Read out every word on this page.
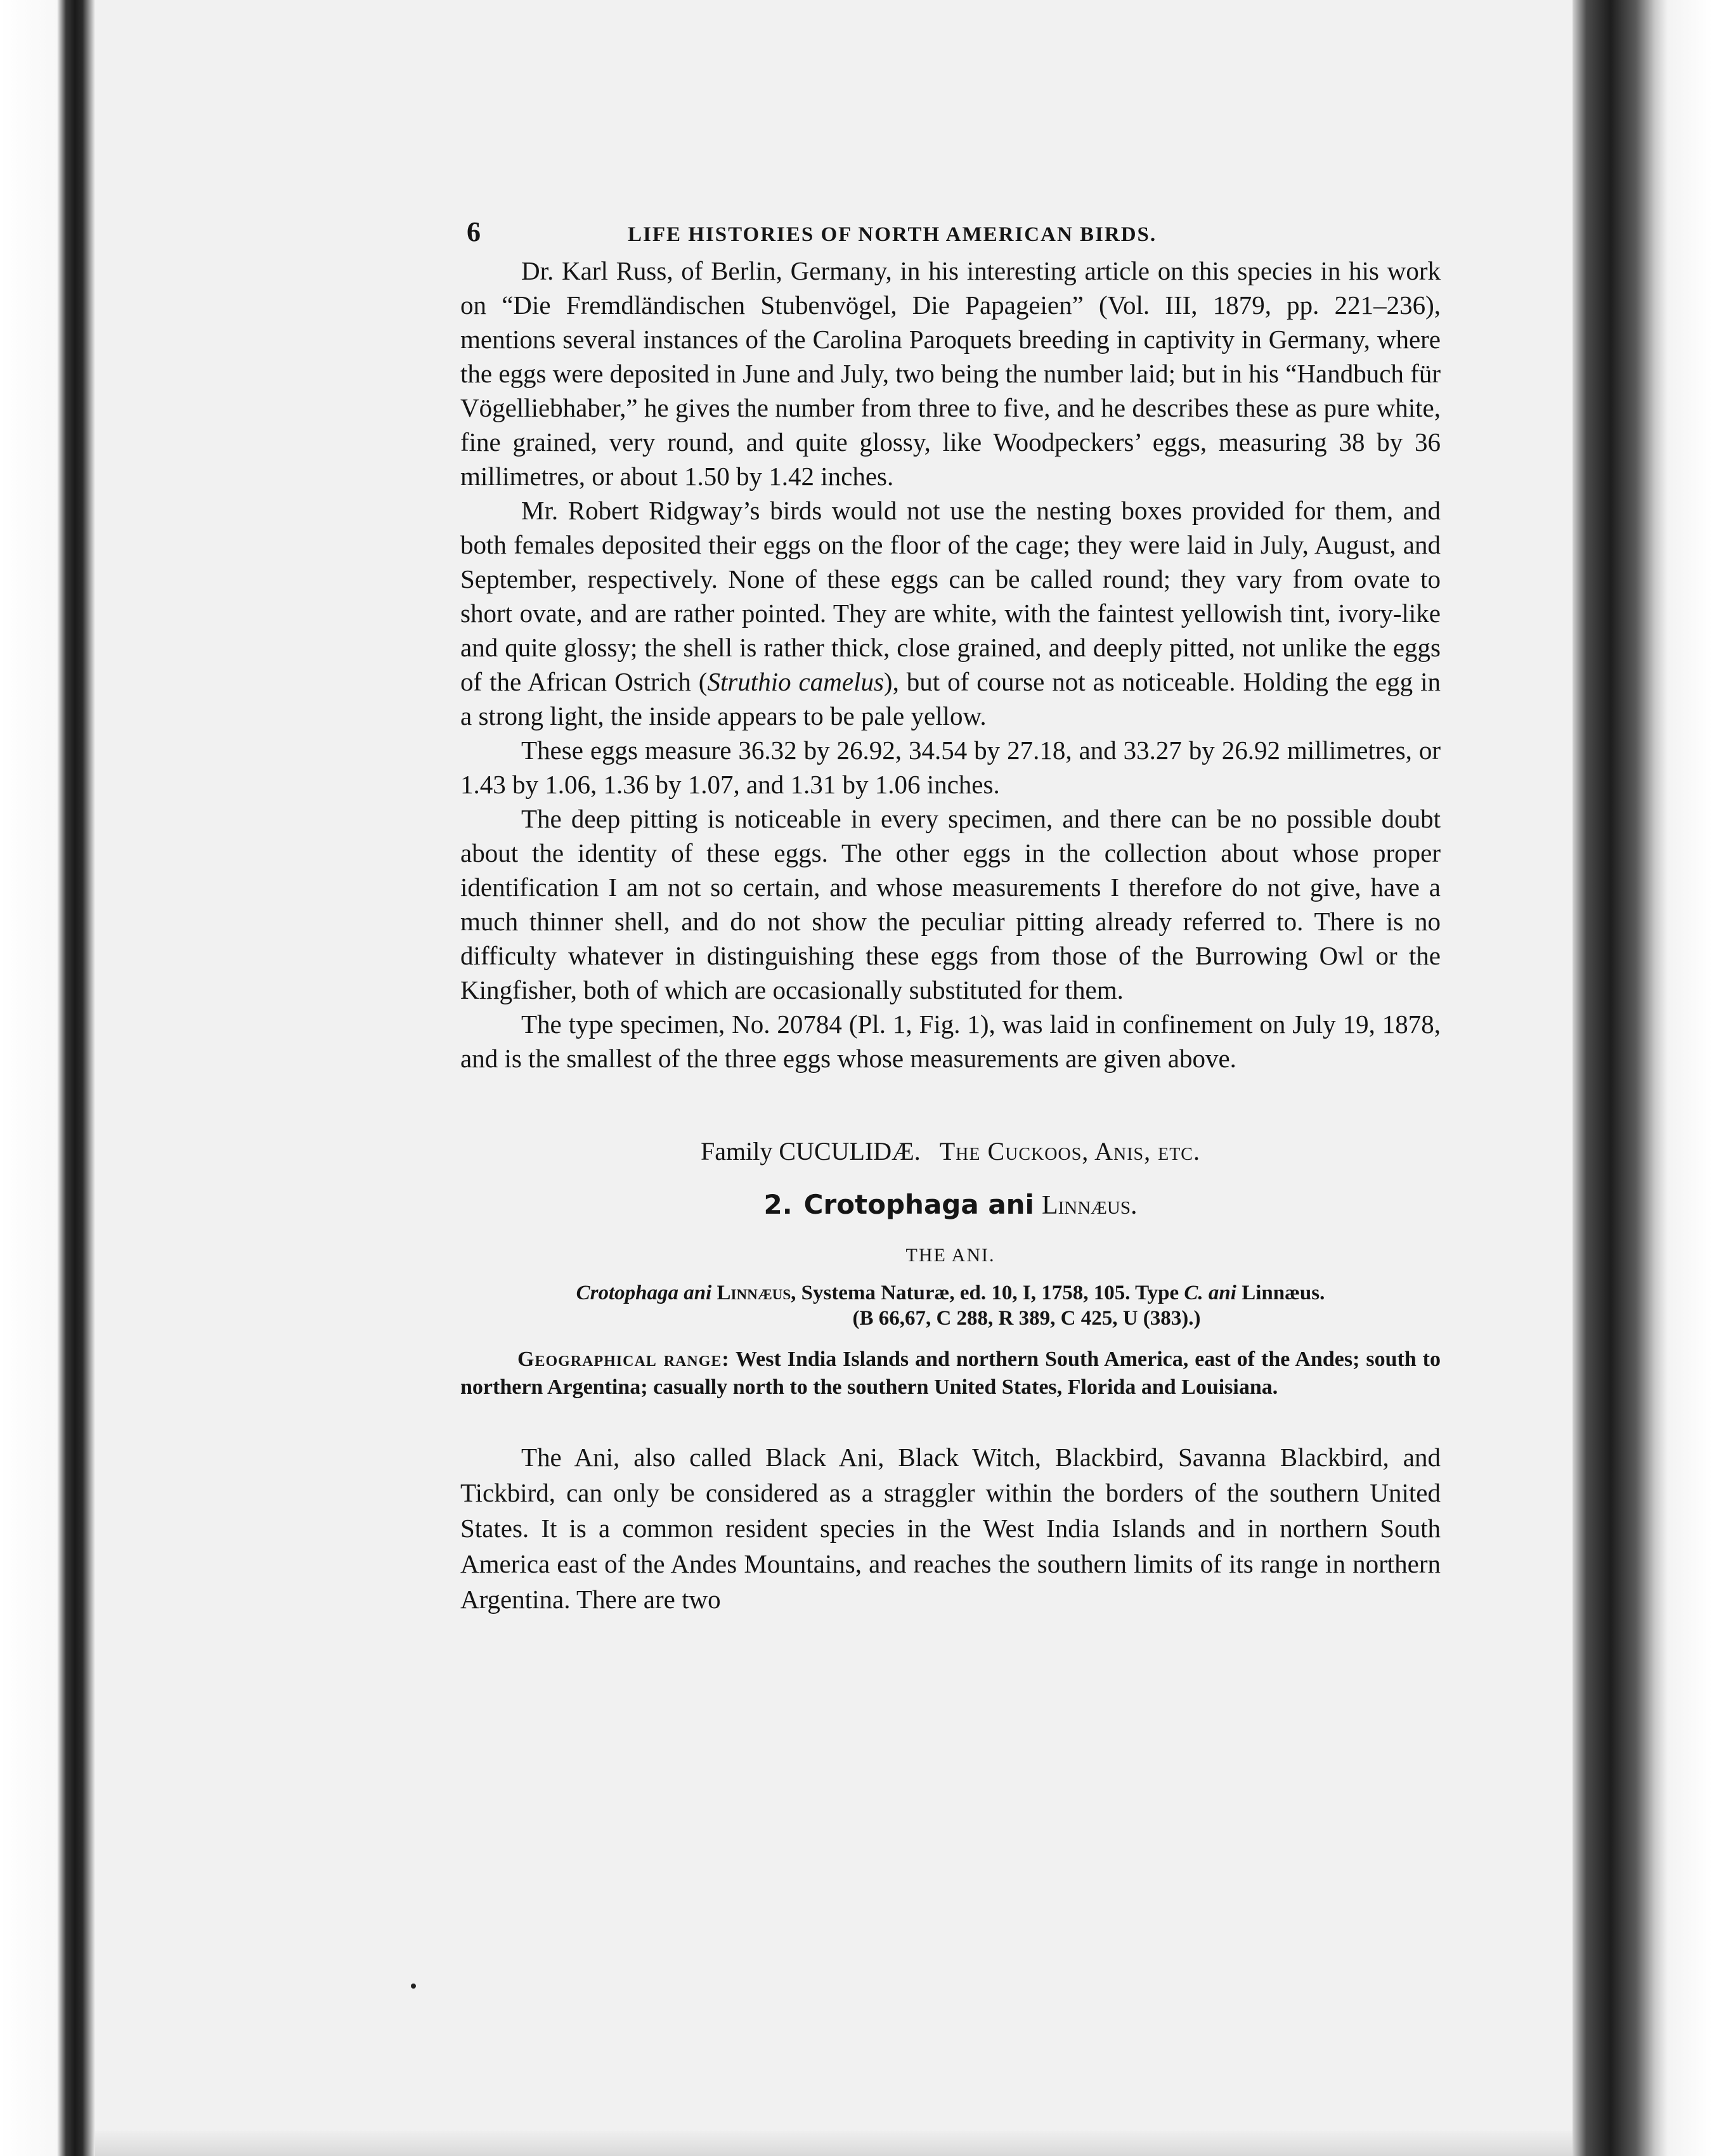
6	LIFE HISTORIES OF NORTH AMERICAN BIRDS.

Dr. Karl Russ, of Berlin, Germany, in his interesting article on this species in his work on “Die Fremdländischen Stubenvögel, Die Papageien” (Vol. III, 1879, pp. 221–236), mentions several instances of the Carolina Paroquets breeding in captivity in Germany, where the eggs were deposited in June and July, two being the number laid; but in his “Handbuch für Vögelliebhaber,” he gives the number from three to five, and he describes these as pure white, fine grained, very round, and quite glossy, like Woodpeckers’ eggs, measuring 38 by 36 millimetres, or about 1.50 by 1.42 inches.

Mr. Robert Ridgway’s birds would not use the nesting boxes provided for them, and both females deposited their eggs on the floor of the cage; they were laid in July, August, and September, respectively. None of these eggs can be called round; they vary from ovate to short ovate, and are rather pointed. They are white, with the faintest yellowish tint, ivory-like and quite glossy; the shell is rather thick, close grained, and deeply pitted, not unlike the eggs of the African Ostrich (Struthio camelus), but of course not as noticeable. Holding the egg in a strong light, the inside appears to be pale yellow.

These eggs measure 36.32 by 26.92, 34.54 by 27.18, and 33.27 by 26.92 millimetres, or 1.43 by 1.06, 1.36 by 1.07, and 1.31 by 1.06 inches.

The deep pitting is noticeable in every specimen, and there can be no possible doubt about the identity of these eggs. The other eggs in the collection about whose proper identification I am not so certain, and whose measurements I therefore do not give, have a much thinner shell, and do not show the peculiar pitting already referred to. There is no difficulty whatever in distinguishing these eggs from those of the Burrowing Owl or the Kingfisher, both of which are occasionally substituted for them.

The type specimen, No. 20784 (Pl. 1, Fig. 1), was laid in confinement on July 19, 1878, and is the smallest of the three eggs whose measurements are given above.

Family CUCULIDÆ. The Cuckoos, Anis, etc.

2. Crotophaga ani Linnæus.

THE ANI.

Crotophaga ani Linnæus, Systema Naturæ, ed. 10, I, 1758, 105. Type C. ani Linnæus.

(B 66,67, C 288, R 389, C 425, U (383).)

Geographical range: West India Islands and northern South America, east of the Andes; south to northern Argentina; casually north to the southern United States, Florida and Louisiana.

The Ani, also called Black Ani, Black Witch, Blackbird, Savanna Blackbird, and Tickbird, can only be considered as a straggler within the borders of the southern United States. It is a common resident species in the West India Islands and in northern South America east of the Andes Mountains, and reaches the southern limits of its range in northern Argentina. There are two
